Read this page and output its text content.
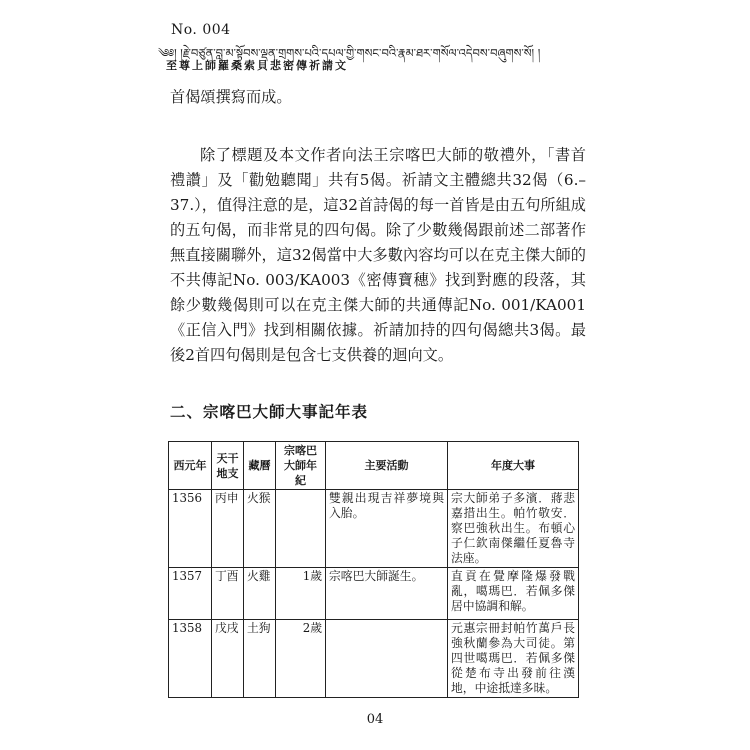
No. 004
༄༅། །རྗེ་བཙུན་བླ་མ་སྟོབས་ལྡན་གྲགས་པའི་དཔལ་གྱི་གསང་བའི་རྣམ་ཐར་གསོལ་འདེབས་བཞུགས་སོ། །
至尊上師羅桑索貝悲密傳祈請文
首偈頌撰寫而成。
除了標題及本文作者向法王宗喀巴大師的敬禮外，「書首禮讚」及「勸勉聽聞」共有5偈。祈請文主體總共32偈（6.–37.），值得注意的是，這32首詩偈的每一首皆是由五句所組成的五句偈，而非常見的四句偈。除了少數幾偈跟前述二部著作無直接關聯外，這32偈當中大多數內容均可以在克主傑大師的不共傳記No. 003/KA003《密傳寶穗》找到對應的段落，其餘少數幾偈則可以在克主傑大師的共通傳記No. 001/KA001《正信入門》找到相關依據。祈請加持的四句偈總共3偈。最後2首四句偈則是包含七支供養的迴向文。
二、宗喀巴大師大事記年表
西元年	天干地支	藏曆	宗喀巴大師年紀	主要活動	年度大事
1356	丙申	火猴		雙親出現吉祥夢境與入胎。	宗大師弟子多濱．蔣悲嘉措出生。帕竹敬安．察巴強秋出生。布頓心子仁欽南傑繼任夏魯寺法座。
1357	丁酉	火雞	1歲	宗喀巴大師誕生。	直貢在覺摩隆爆發戰亂，噶瑪巴．若佩多傑居中協調和解。
1358	戊戌	土狗	2歲		元惠宗冊封帕竹萬戶長強秋蘭參為大司徒。第四世噶瑪巴．若佩多傑從楚布寺出發前往漢地，中途抵達多昧。
04
